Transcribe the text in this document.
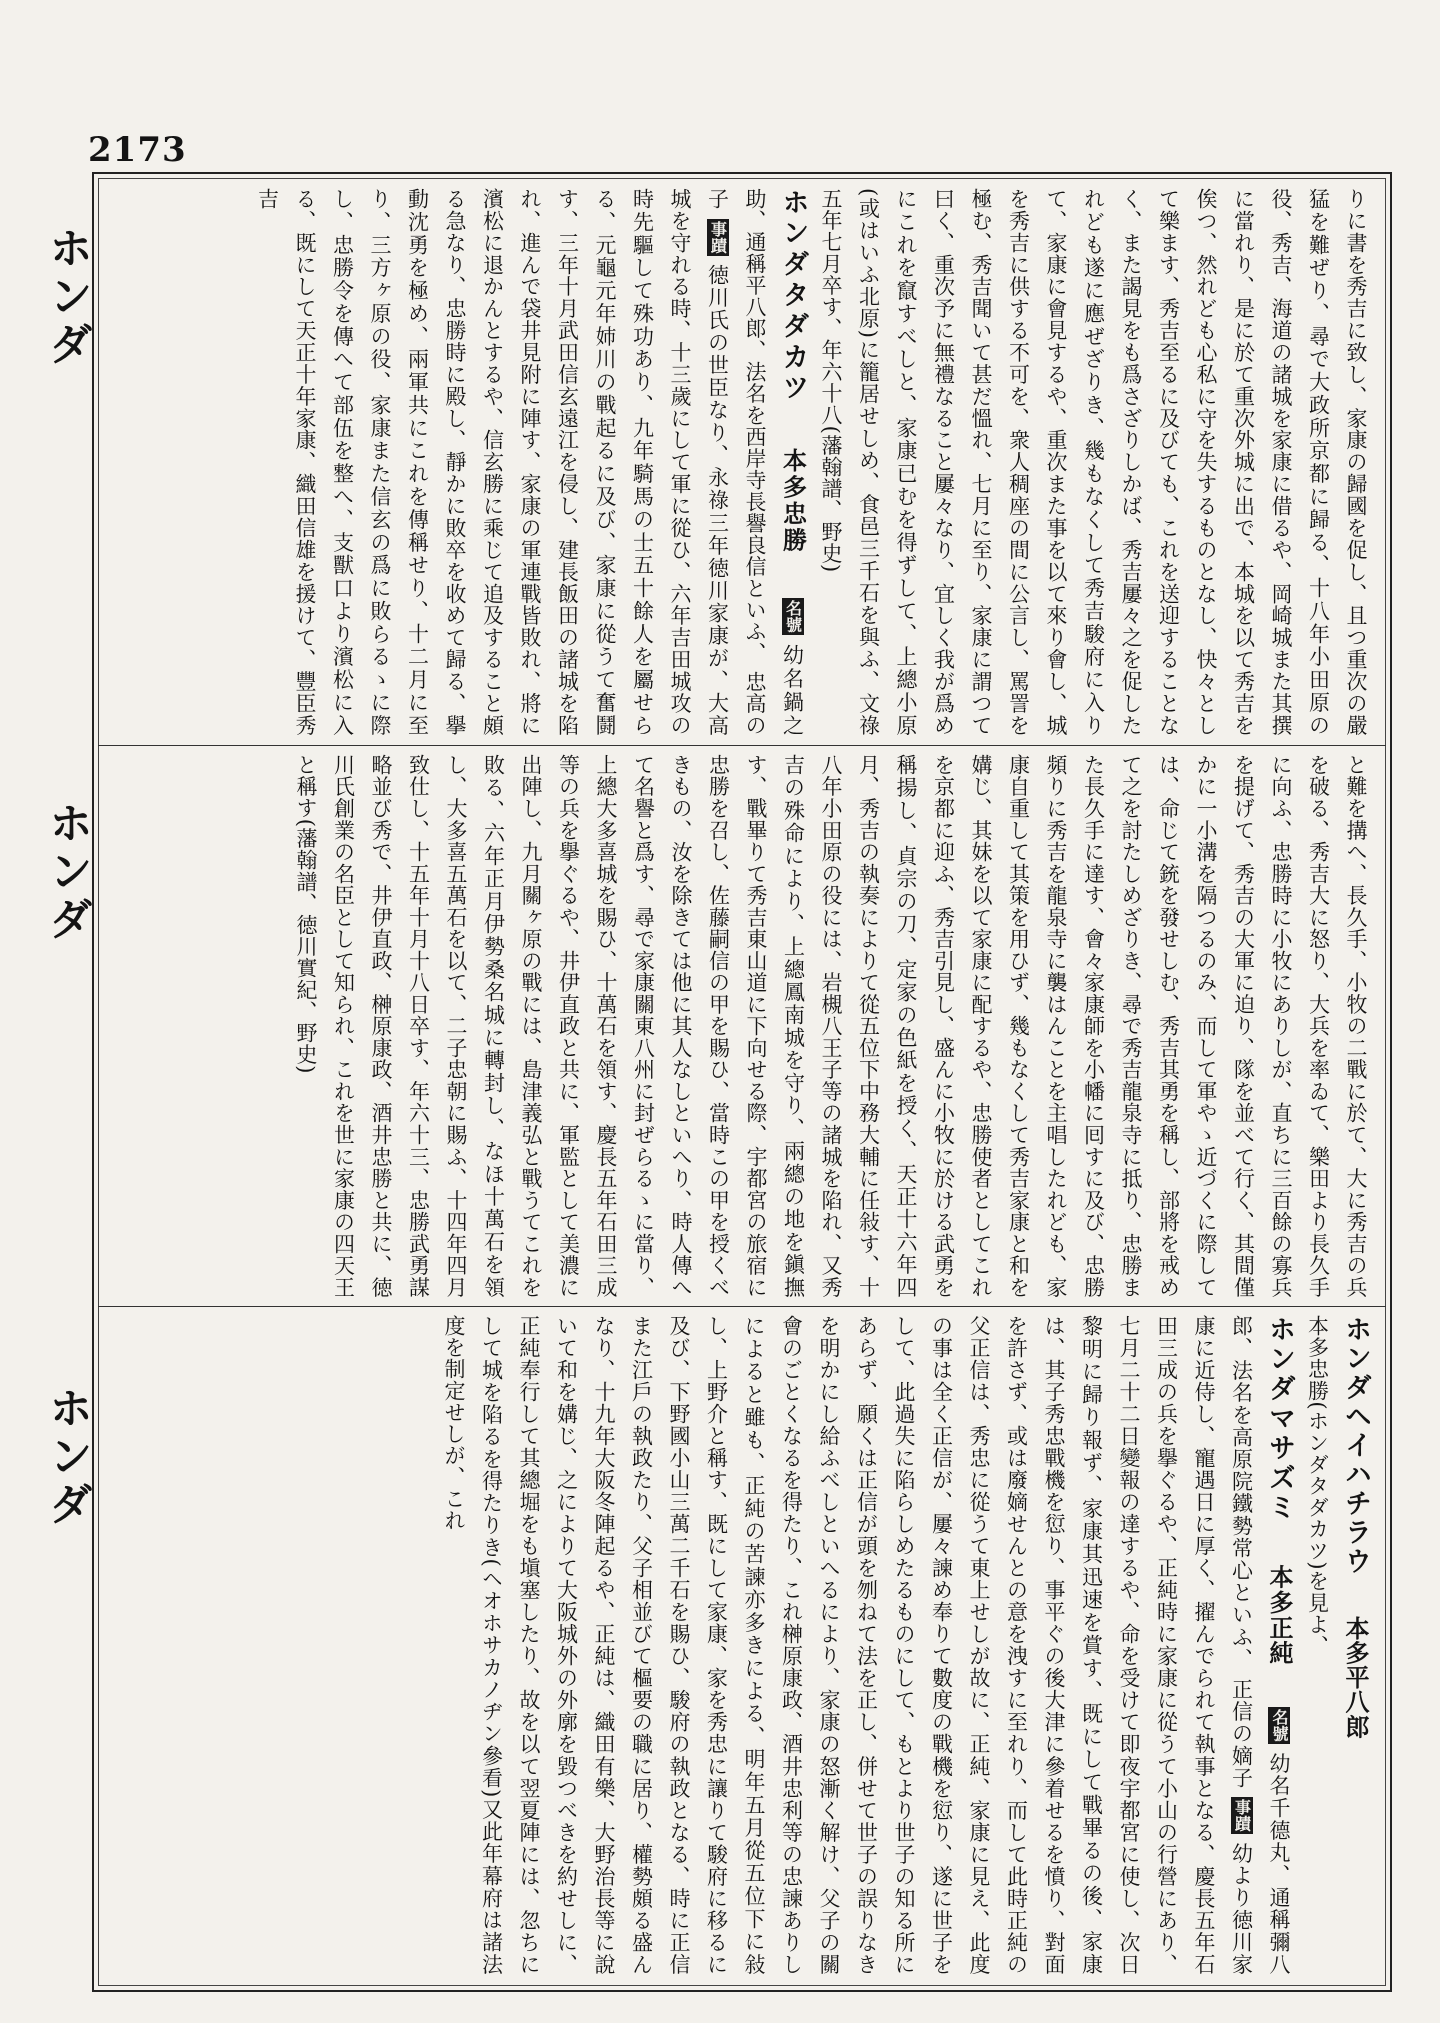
2173
ホンダ
ホンダ
ホンダ

りに書を秀吉に致し、家康の歸國を促し、且つ重次の嚴猛を難ぜり、尋で大政所京都に歸る、十八年小田原の役、秀吉、海道の諸城を家康に借るや、岡崎城また其撰に當れり、是に於て重次外城に出で、本城を以て秀吉を俟つ、然れども心私に守を失するものとなし、快々として樂ます、秀吉至るに及びても、これを送迎することなく、また謁見をも爲さざりしかば、秀吉屢々之を促したれども遂に應ぜざりき、幾もなくして秀吉駿府に入りて、家康に會見するや、重次また事を以て來り會し、城を秀吉に供する不可を、衆人稠座の間に公言し、罵詈を極む、秀吉聞いて甚だ慍れ、七月に至り、家康に謂つて曰く、重次予に無禮なること屢々なり、宜しく我が爲めにこれを竄すべしと、家康已むを得ずして、上總小原(或はいふ北原)に籠居せしめ、食邑三千石を與ふ、文祿五年七月卒す、年六十八(藩翰譜、野史)

ホンダタダカツ  本多忠勝  名號 幼名鍋之助、通稱平八郎、法名を西岸寺長譽良信といふ、 忠高の子 事蹟 徳川氏の世臣なり、永祿三年徳川家康が、大高城を守れる時、十三歲にして軍に從ひ、六年吉田城攻の時先驅して殊功あり、九年騎馬の士五十餘人を屬せらる、元龜元年姉川の戰起るに及び、家康に從うて奮鬪す、三年十月武田信玄遠江を侵し、建長飯田の諸城を陷れ、進んで袋井見附に陣す、家康の軍連戰皆敗れ、將に濱松に退かんとするや、信玄勝に乘じて追及すること頗る急なり、忠勝時に殿し、靜かに敗卒を收めて歸る、擧動沈勇を極め、兩軍共にこれを傳稱せり、十二月に至り、三方ヶ原の役、家康また信玄の爲に敗らるゝに際し、忠勝令を傳へて部伍を整へ、支獸口より濱松に入る、既にして天正十年家康、織田信雄を援けて、豐臣秀吉

と難を搆へ、長久手、小牧の二戰に於て、大に秀吉の兵を破る、秀吉大に怒り、大兵を率ゐて、樂田より長久手に向ふ、忠勝時に小牧にありしが、直ちに三百餘の寡兵を提げて、秀吉の大軍に迫り、隊を並べて行く、其間僅かに一小溝を隔つるのみ、而して軍やゝ近づくに際しては、命じて銃を發せしむ、秀吉其勇を稱し、部將を戒めて之を討たしめざりき、尋で秀吉龍泉寺に抵り、忠勝また長久手に達す、會々家康師を小幡に囘すに及び、忠勝頻りに秀吉を龍泉寺に襲はんことを主唱したれども、家康自重して其策を用ひず、幾もなくして秀吉家康と和を媾じ、其妹を以て家康に配するや、忠勝使者としてこれを京都に迎ふ、秀吉引見し、盛んに小牧に於ける武勇を稱揚し、貞宗の刀、定家の色紙を授く、天正十六年四月、秀吉の執奏によりて從五位下中務大輔に任敍す、十八年小田原の役には、岩槻八王子等の諸城を陷れ、又秀吉の殊命により、上總鳳南城を守り、兩總の地を鎭撫す、戰畢りて秀吉東山道に下向せる際、宇都宮の旅宿に忠勝を召し、佐藤嗣信の甲を賜ひ、當時この甲を授くべきもの、汝を除きては他に其人なしといへり、時人傳へて名譽と爲す、尋で家康關東八州に封ぜらるゝに當り、上總大多喜城を賜ひ、十萬石を領す、慶長五年石田三成等の兵を擧ぐるや、井伊直政と共に、軍監として美濃に出陣し、九月關ヶ原の戰には、島津義弘と戰うてこれを敗る、六年正月伊勢桑名城に轉封し、なほ十萬石を領し、大多喜五萬石を以て、二子忠朝に賜ふ、十四年四月致仕し、十五年十月十八日卒す、年六十三、忠勝武勇謀略並び秀で、井伊直政、榊原康政、酒井忠勝と共に、徳川氏創業の名臣として知られ、これを世に家康の四天王と稱す(藩翰譜、徳川實紀、野史)

ホンダヘイハチラウ  本多平八郎

本多忠勝(ホンダタダカツ)を見よ、

ホンダマサズミ  本多正純  名號 幼名千德丸、通稱彌八郎、法名を高原院鐵勢常心といふ、 正信の嫡子 事蹟 幼より徳川家康に近侍し、寵遇日に厚く、擢んでられて執事となる、慶長五年石田三成の兵を擧ぐるや、正純時に家康に從うて小山の行營にあり、七月二十二日變報の達するや、命を受けて即夜宇都宮に使し、次日黎明に歸り報ず、家康其迅速を賞す、既にして戰畢るの後、家康は、其子秀忠戰機を愆り、事平ぐの後大津に參着せるを憤り、對面を許さず、或は廢嫡せんとの意を洩すに至れり、而して此時正純の父正信は、秀忠に從うて東上せしが故に、正純、家康に見え、此度の事は全く正信が、屢々諫め奉りて數度の戰機を愆り、遂に世子をして、此過失に陷らしめたるものにして、もとより世子の知る所にあらず、願くは正信が頭を刎ねて法を正し、併せて世子の誤りなきを明かにし給ふべしといへるにより、家康の怒漸く解け、父子の關會のごとくなるを得たり、これ榊原康政、酒井忠利等の忠諫ありしによると雖も、正純の苦諫亦多きによる、明年五月從五位下に敍し、上野介と稱す、既にして家康、家を秀忠に讓りて駿府に移るに及び、下野國小山三萬二千石を賜ひ、駿府の執政となる、時に正信また江戶の執政たり、父子相並びて樞要の職に居り、權勢頗る盛んなり、十九年大阪冬陣起るや、正純は、織田有樂、大野治長等に說いて和を媾じ、之によりて大阪城外の外廓を毀つべきを約せしに、正純奉行して其總堀をも塡塞したり、故を以て翌夏陣には、忽ちにして城を陷るを得たりき(ヘオホサカノヂン參看)又此年幕府は諸法度を制定せしが、これ
